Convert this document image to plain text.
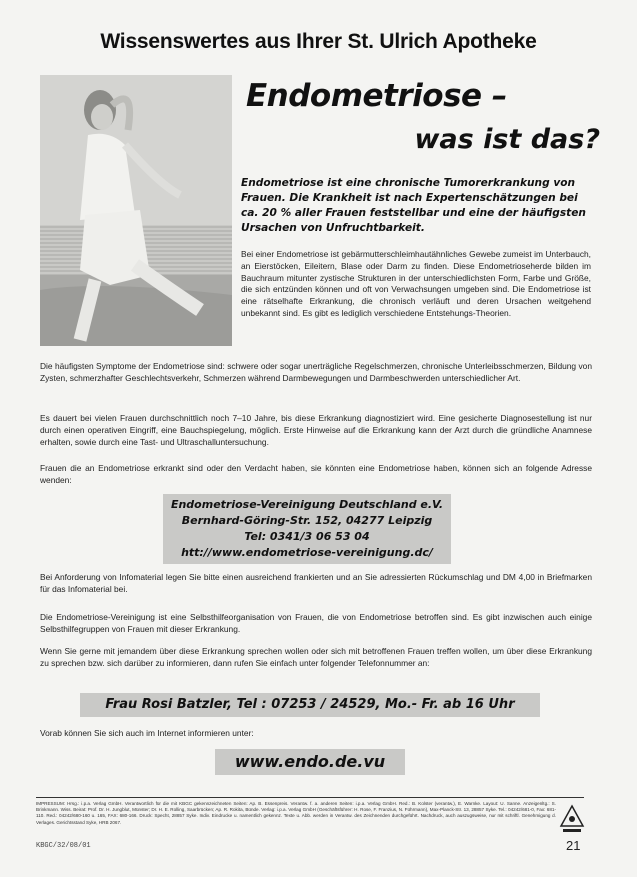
Wissenswertes aus Ihrer St. Ulrich Apotheke
Endometriose –
was ist das?
Endometriose ist eine chronische Tumorerkrankung von Frauen. Die Krankheit ist nach Expertenschätzungen bei ca. 20 % aller Frauen feststellbar und eine der häufigsten Ursachen von Unfruchtbarkeit.
Bei einer Endometriose ist gebärmutterschleimhautähnliches Gewebe zumeist im Unterbauch, an Eierstöcken, Eileitern, Blase oder Darm zu finden. Diese Endometrioseherde bilden im Bauchraum mitunter zystische Strukturen in der unterschiedlichsten Form, Farbe und Größe, die sich entzünden können und oft von Verwachsungen umgeben sind. Die Endometriose ist eine rätselhafte Erkrankung, die chronisch verläuft und deren Ursachen weitgehend unbekannt sind. Es gibt es lediglich verschiedene Entstehungs-Theorien.
Die häufigsten Symptome der Endometriose sind: schwere oder sogar unerträgliche Regelschmerzen, chronische Unterleibsschmerzen, Bildung von Zysten, schmerzhafter Geschlechtsverkehr, Schmerzen während Darmbewegungen und Darmbeschwerden unterschiedlicher Art.
Es dauert bei vielen Frauen durchschnittlich noch 7–10 Jahre, bis diese Erkrankung diagnostiziert wird. Eine gesicherte Diagnosestellung ist nur durch einen operativen Eingriff, eine Bauchspiegelung, möglich. Erste Hinweise auf die Erkrankung kann der Arzt durch die gründliche Anamnese erhalten, sowie durch eine Tast- und Ultraschalluntersuchung.
Frauen die an Endometriose erkrankt sind oder den Verdacht haben, sie könnten eine Endometriose haben, können sich an folgende Adresse wenden:
Endometriose-Vereinigung Deutschland e.V.
Bernhard-Göring-Str. 152, 04277 Leipzig
Tel: 0341/3 06 53 04
htt://www.endometriose-vereinigung.dc/
Bei Anforderung von Infomaterial legen Sie bitte einen ausreichend frankierten und an Sie adressierten Rückumschlag und DM 4,00 in Briefmarken für das Infomaterial bei.
Die Endometriose-Vereinigung ist eine Selbsthilfeorganisation von Frauen, die von Endometriose betroffen sind. Es gibt inzwischen auch einige Selbsthilfegruppen von Frauen mit dieser Erkrankung.
Wenn Sie gerne mit jemandem über diese Erkrankung sprechen wollen oder sich mit betroffenen Frauen treffen wollen, um über diese Erkrankung zu sprechen bzw. sich darüber zu informieren, dann rufen Sie einfach unter folgender Telefonnummer an:
Frau Rosi Batzler, Tel : 07253 / 24529, Mo.- Fr. ab 16 Uhr
Vorab können Sie sich auch im Internet informieren unter:
www.endo.de.vu
IMPRESSUM: Hrsg.: i.p.a. Verlag GmbH. Verantwortlich für die mit KBGC gekennzeichneten Seiten: Ap. B. Essenpreis. Verantw. f. a. anderen Seiten: i.p.a. Verlag GmbH. Red.: B. Kolster (verantw.), E. Warnke. Layout: U. Sanne. Anzeigenltg.: S. Brinkmann. Wiss. Beirat: Prof. Dr. H. Jungblut, Münster; Dr. H. E. Rolling, Saarbrücken; Ap. R. Rokita, Bünde. Verlag: i.p.a. Verlag GmbH (Geschäftsführer: H. Rose, F. Franzius, N. Führmann), Max-Planck-Str. 13, 28857 Syke. Tel.: 04242/681-0, Fax: 681-110. Red.: 04242/680-160 u. 165, FAX: 680-166. Druck: Specht, 28857 Syke. Indiv. Eindrucke u. namentlich gekennz. Texte u. Abb. werden in Verantw. des Zeichnenden durchgeführt. Nachdruck, auch auszugsweise, nur mit schriftl. Genehmigung d. Verlages. Gerichtsstand Syke, HRB 2067.
KBGC/32/08/01	21
